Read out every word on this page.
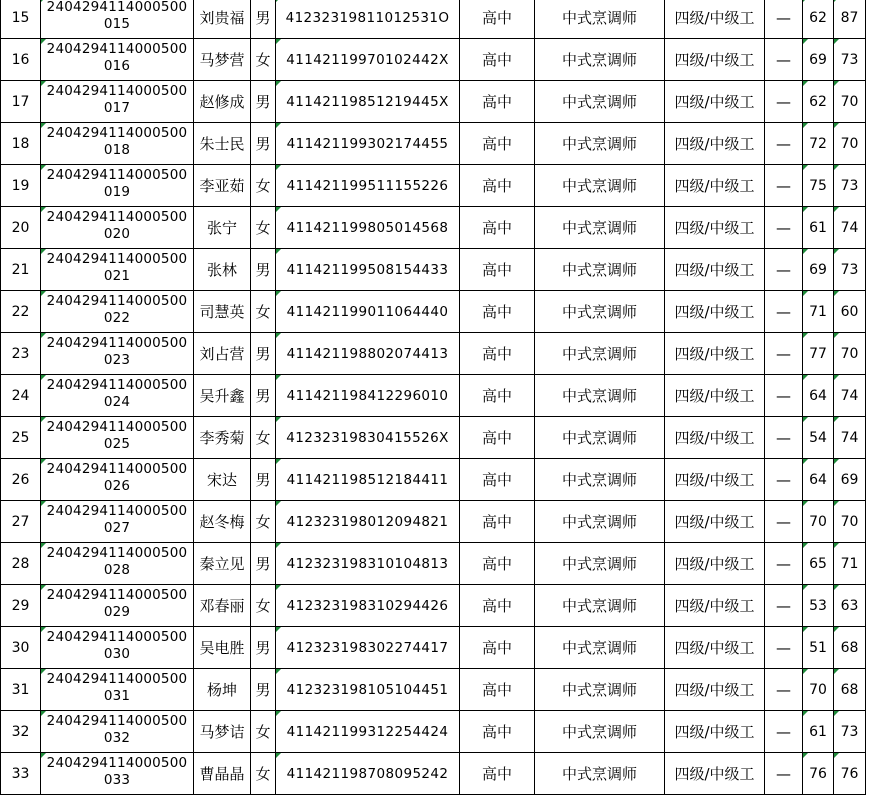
15	2404294114000500015	刘贵福	男	41232319811012531O	高中	中式烹调师	四级/中级工	—	62	87
16	2404294114000500016	马梦营	女	41142119970102442X	高中	中式烹调师	四级/中级工	—	69	73
17	2404294114000500017	赵修成	男	41142119851219445X	高中	中式烹调师	四级/中级工	—	62	70
18	2404294114000500018	朱士民	男	411421199302174455	高中	中式烹调师	四级/中级工	—	72	70
19	2404294114000500019	李亚茹	女	411421199511155226	高中	中式烹调师	四级/中级工	—	75	73
20	2404294114000500020	张宁	女	411421199805014568	高中	中式烹调师	四级/中级工	—	61	74
21	2404294114000500021	张林	男	411421199508154433	高中	中式烹调师	四级/中级工	—	69	73
22	2404294114000500022	司慧英	女	411421199011064440	高中	中式烹调师	四级/中级工	—	71	60
23	2404294114000500023	刘占营	男	411421198802074413	高中	中式烹调师	四级/中级工	—	77	70
24	2404294114000500024	吴升鑫	男	411421198412296010	高中	中式烹调师	四级/中级工	—	64	74
25	2404294114000500025	李秀菊	女	41232319830415526X	高中	中式烹调师	四级/中级工	—	54	74
26	2404294114000500026	宋达	男	411421198512184411	高中	中式烹调师	四级/中级工	—	64	69
27	2404294114000500027	赵冬梅	女	412323198012094821	高中	中式烹调师	四级/中级工	—	70	70
28	2404294114000500028	秦立见	男	412323198310104813	高中	中式烹调师	四级/中级工	—	65	71
29	2404294114000500029	邓春丽	女	412323198310294426	高中	中式烹调师	四级/中级工	—	53	63
30	2404294114000500030	吴电胜	男	412323198302274417	高中	中式烹调师	四级/中级工	—	51	68
31	2404294114000500031	杨坤	男	412323198105104451	高中	中式烹调师	四级/中级工	—	70	68
32	2404294114000500032	马梦诘	女	411421199312254424	高中	中式烹调师	四级/中级工	—	61	73
33	2404294114000500033	曹晶晶	女	411421198708095242	高中	中式烹调师	四级/中级工	—	76	76
